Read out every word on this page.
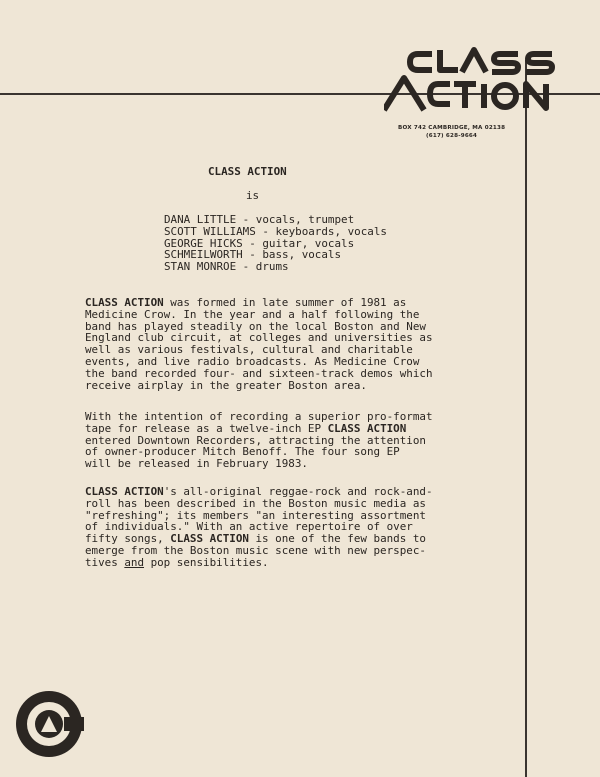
BOX 742 CAMBRIDGE, MA 02138
(617) 628-9664
CLASS ACTION
is
DANA LITTLE - vocals, trumpet
SCOTT WILLIAMS - keyboards, vocals
GEORGE HICKS - guitar, vocals
SCHMEILWORTH - bass, vocals
STAN MONROE - drums
CLASS ACTION was formed in late summer of 1981 as
Medicine Crow. In the year and a half following the
band has played steadily on the local Boston and New
England club circuit, at colleges and universities as
well as various festivals, cultural and charitable
events, and live radio broadcasts. As Medicine Crow
the band recorded four- and sixteen-track demos which
receive airplay in the greater Boston area.
With the intention of recording a superior pro-format
tape for release as a twelve-inch EP CLASS ACTION
entered Downtown Recorders, attracting the attention
of owner-producer Mitch Benoff. The four song EP
will be released in February 1983.
CLASS ACTION's all-original reggae-rock and rock-and-
roll has been described in the Boston music media as
"refreshing"; its members "an interesting assortment
of individuals." With an active repertoire of over
fifty songs, CLASS ACTION is one of the few bands to
emerge from the Boston music scene with new perspec-
tives and pop sensibilities.
